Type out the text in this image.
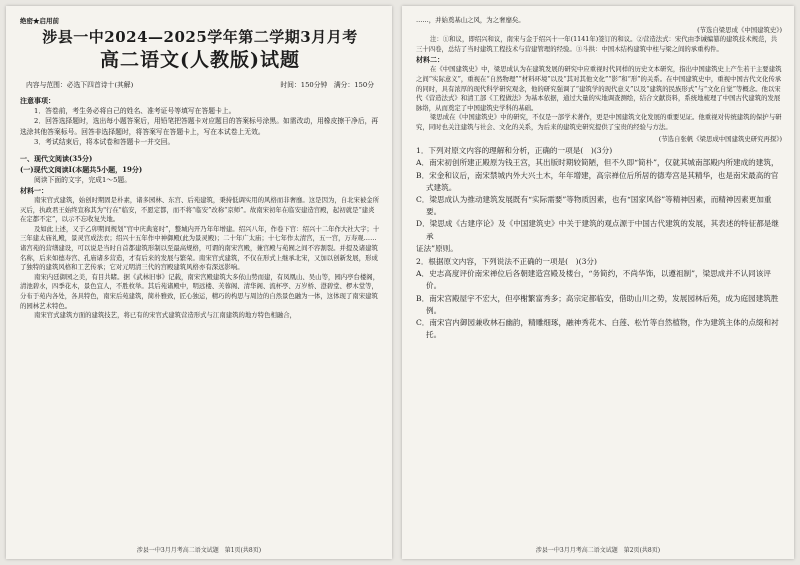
绝密★启用前
涉县一中2024—2025学年第二学期3月月考
高二语文(人教版)试题
内容与范围：必选下四首诗十(其解)	时间：150分钟 满分：150分
注意事项：

1．答卷前，考生务必将自己的姓名、准考证号等填写在答题卡上。

2．回答选择题时，选出每小题答案后，用铅笔把答题卡对应题目的答案标号涂黑。如需改动，用橡皮擦干净后，再选涂其他答案标号。回答非选择题时，将答案写在答题卡上，写在本试卷上无效。

3．考试结束后，将本试卷和答题卡一并交回。

一、现代文阅读(35分)
(一)现代文阅读Ⅰ(本题共5小题，19分)

阅读下面的文字，完成1～5题。

材料一：

南宋官式建筑，始创时期固是朴素，诸多园林、东宫、后苑建筑，秉持低调实用的风格而非奢靡。这是因为，自北宋被金所灭后，执政君王始终宣称其为"行在"临安，不愿定都，而不将“临安”改称“京师”。故南宋初年在临安建造宫殿，起初就是“建炎在定都不定”，以示不忘收复失地。

及如此上述，又于乙卯期间规划“官中庆典宴时”，整城内开乃年年增建。绍兴八年，作卷下官：绍兴十二年作大社大宇；十三年建太庙礼殿，景灵宫成法衣；绍兴十五年作中神御殿(此为景灵殿)；二十年广太庙；十七年作太清宫，五一宫，万寿观……诸宫苑的营缮建设，可以说是当时自首都建筑形制以至最高规格，可谓的南宋宫殿，兼宫殿与苑囿之间不容割裂。并提及诸建筑名称，后来如德寿宫、孔庙诸多营造，才有后来的发展与繁荣。南宋官式建筑，不仅在形式上继承北宋，又加以创新发展，形成了独特的建筑风格和工艺传承；它对元明清三代的宫殿建筑风格亦有深远影响。

南宋内廷御园之美，有目共睹。据《武林旧事》记载，南宋宫殿建筑大多依山势而建，有凤凰山、吴山等，园内亭台楼阁，清池碧水，四季花木，景色宜人，不胜枚举。其后苑诸殿中，明远楼、芙蓉阁、清华阁、流杯亭、万岁桥、澄碧堂、椤木堂等，分布于苑内各处，各具特色，南宋后苑建筑，简朴雅致，匠心独运，精巧的构思与周边的自然景色融为一体，这体现了南宋建筑的园林艺术特色。

南宋官式建筑方面的建筑技艺，将已有的宋官式建筑营造形式与江南建筑的地方特色相融合，

涉县一中3月月考高二语文试题　第1页(共8页)

……，并始奠基山之风，为之奢靡矣。

(节选自梁思成《中国建筑史》)

注：①和议，即绍兴和议，南宋与金于绍兴十一年(1141年)签订的和议。②营造法式：宋代由李诫编纂的建筑技术规范，共三十四卷，总结了当时建筑工程技术与营建管理的经验。③斗拱：中国木结构建筑中柱与梁之间的承重构件。

材料二：

在《中国建筑史》中，梁思成认为在建筑发展的研究中应重视时代同样的历史文本研究，指出中国建筑史上产生若干主要建筑之间“实际意义”，重视在“自然物理”“材料环境”以及“其对其他文化”“影”和“形”的关系。在中国建筑史中，重视中国古代文化传承的同时，具有浓厚的现代科学研究观念，他的研究强调了“建筑学的现代意义”以及“建筑的民族形式”与“文化自觉”等概念。他以宋代《营造法式》和清工部《工程做法》为基本依据，通过大量的实地调查测绘，结合文献资料，系统地梳理了中国古代建筑的发展脉络，从而奠定了中国建筑史学科的基础。

梁思成在《中国建筑史》中的研究，不仅是一部学术著作，更是中国建筑文化发展的重要见证。他重视对传统建筑的保护与研究，同时也关注建筑与社会、文化的关系，为后来的建筑史研究提供了宝贵的经验与方法。

(节选自张帆《梁思成中国建筑史研究再探》)
1．下列对原文内容的理解和分析，正确的一项是(　)(3分)
A．南宋初创所建正殿原为钱王宫，其出版时期较简陋，但不久即“简朴”，仅就其城南部殿内所建成的建筑，
B．宋金和议后，南宋禁城内外大兴土木，年年增建，高宗禅位后所居的德寿宫是其精华，也是南宋最高的官式建筑。
C．梁思成认为推动建筑发展既有“实际需要”等物质因素，也有“国家风俗”等精神因素，而精神因素更加重要。
D．梁思成《古建序论》及《中国建筑史》中关于建筑的观点源于中国古代建筑的发展，其表述的特征都是继承
证法”原则。
2．根据原文内容，下列说法不正确的一项是(　)(3分)
A．史志高度评价南宋禅位后各朝建造宫殿及楼台，“务简约，不尚华饰，以遵祖制”，梁思成并不认同该评价。
B．南宋宫殿屋宇不宏大，但亭榭繁富秀多；高宗定都临安，借助山川之势，发展园林后苑，成为庭园建筑胜例。
C．南宋宫内御园兼收林石幽韵，精雕细琢，融神秀花木、白莲、松竹等自然植物，作为建筑主体的点缀和衬托。
涉县一中3月月考高二语文试题　第2页(共8页)
